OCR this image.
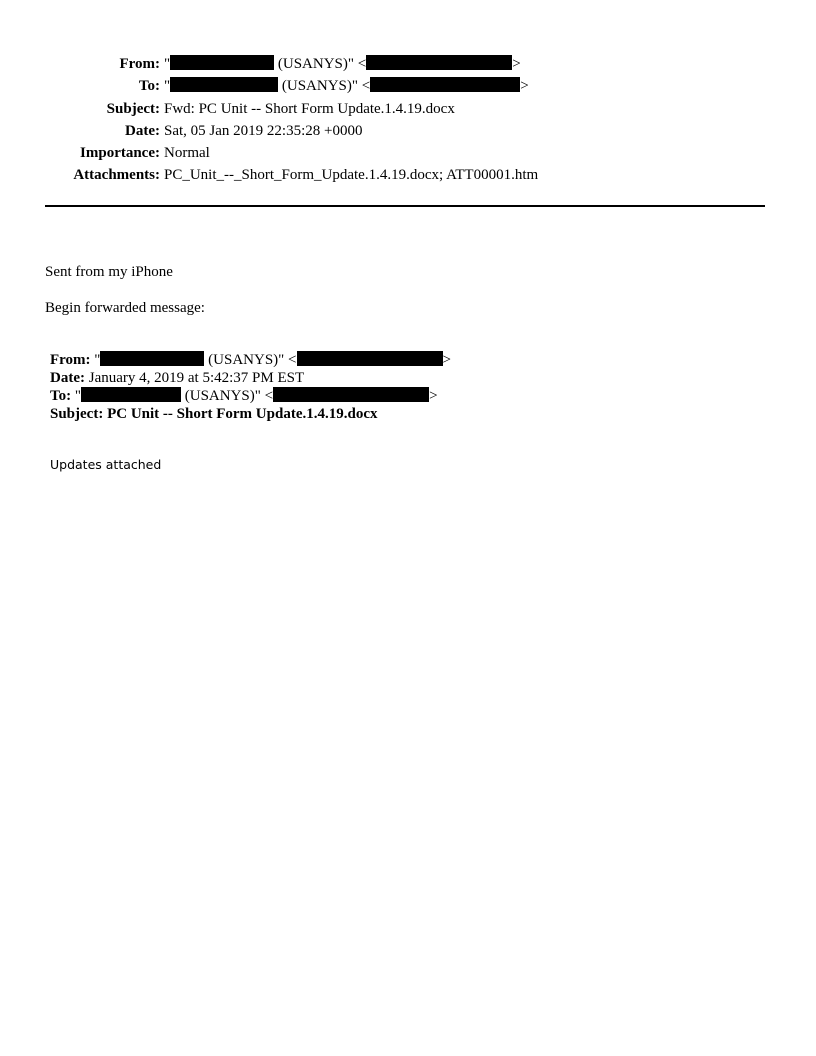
From: "	(USANYS)" <	>
To: "	(USANYS)" <	>
Subject: Fwd: PC Unit -- Short Form Update.1.4.19.docx
Date: Sat, 05 Jan 2019 22:35:28 +0000
Importance: Normal
Attachments: PC_Unit_--_Short_Form_Update.1.4.19.docx; ATT00001.htm
Sent from my iPhone
Begin forwarded message:
From: "	(USANYS)" <	>
Date: January 4, 2019 at 5:42:37 PM EST
To: "	(USANYS)" <	>
Subject: PC Unit -- Short Form Update.1.4.19.docx
Updates attached
